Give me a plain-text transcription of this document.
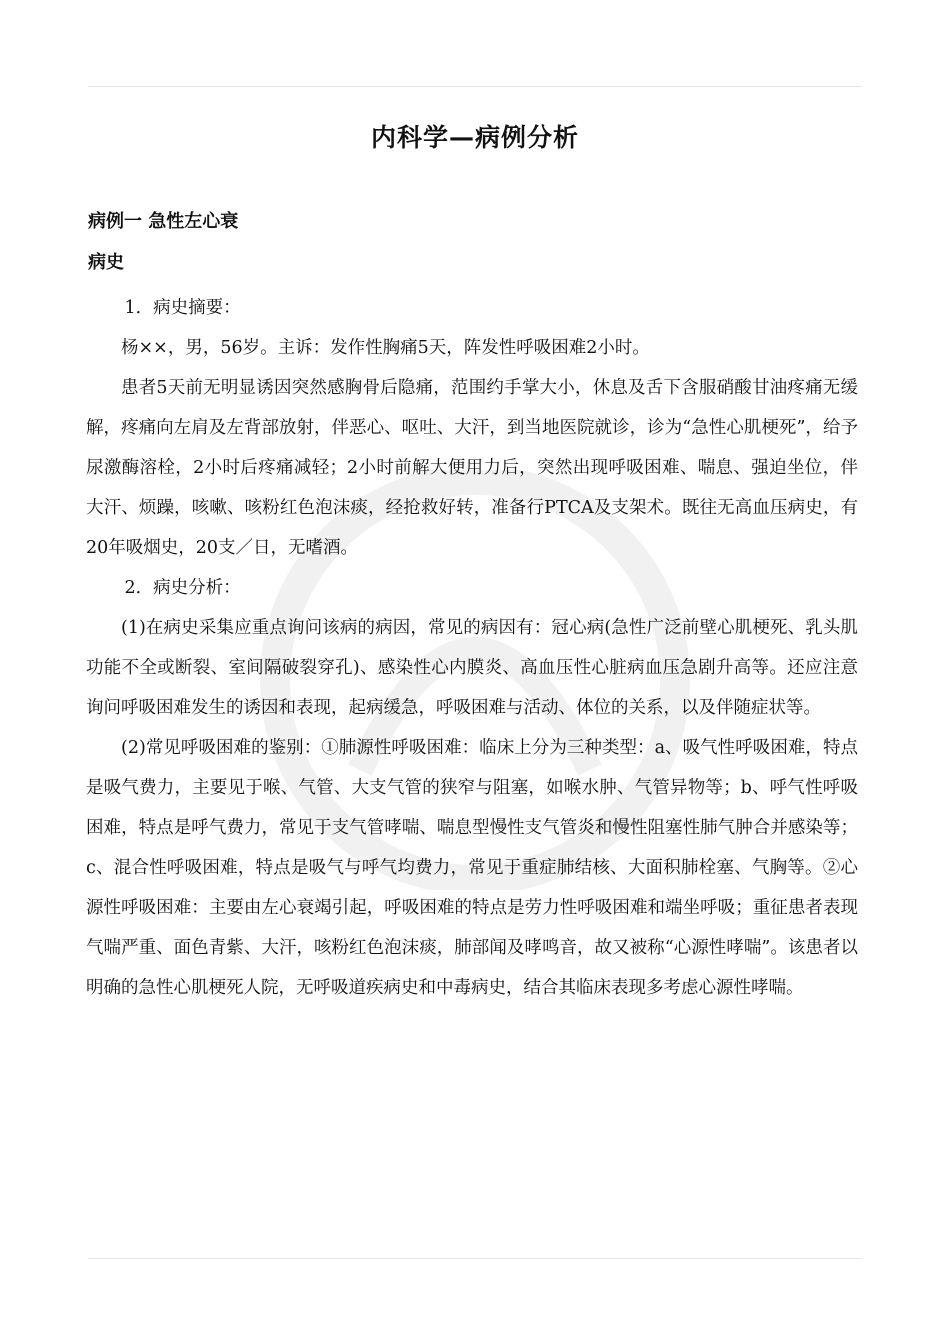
内科学—病例分析
病例一 急性左心衰
病史

1．病史摘要：

杨××，男，56岁。主诉：发作性胸痛5天，阵发性呼吸困难2小时。

患者5天前无明显诱因突然感胸骨后隐痛，范围约手掌大小，休息及舌下含服硝酸甘油疼痛无缓解，疼痛向左肩及左背部放射，伴恶心、呕吐、大汗，到当地医院就诊，诊为“急性心肌梗死”，给予尿激酶溶栓，2小时后疼痛减轻；2小时前解大便用力后，突然出现呼吸困难、喘息、强迫坐位，伴大汗、烦躁，咳嗽、咳粉红色泡沫痰，经抢救好转，准备行PTCA及支架术。既往无高血压病史，有20年吸烟史，20支／日，无嗜酒。

2．病史分析：

(1)在病史采集应重点询问该病的病因，常见的病因有：冠心病(急性广泛前壁心肌梗死、乳头肌功能不全或断裂、室间隔破裂穿孔)、感染性心内膜炎、高血压性心脏病血压急剧升高等。还应注意询问呼吸困难发生的诱因和表现，起病缓急，呼吸困难与活动、体位的关系，以及伴随症状等。

(2)常见呼吸困难的鉴别：①肺源性呼吸困难：临床上分为三种类型：a、吸气性呼吸困难，特点是吸气费力，主要见于喉、气管、大支气管的狭窄与阻塞，如喉水肿、气管异物等；b、呼气性呼吸困难，特点是呼气费力，常见于支气管哮喘、喘息型慢性支气管炎和慢性阻塞性肺气肿合并感染等；c、混合性呼吸困难，特点是吸气与呼气均费力，常见于重症肺结核、大面积肺栓塞、气胸等。②心源性呼吸困难：主要由左心衰竭引起，呼吸困难的特点是劳力性呼吸困难和端坐呼吸；重征患者表现气喘严重、面色青紫、大汗，咳粉红色泡沫痰，肺部闻及哮鸣音，故又被称“心源性哮喘”。该患者以明确的急性心肌梗死人院，无呼吸道疾病史和中毒病史，结合其临床表现多考虑心源性哮喘。
